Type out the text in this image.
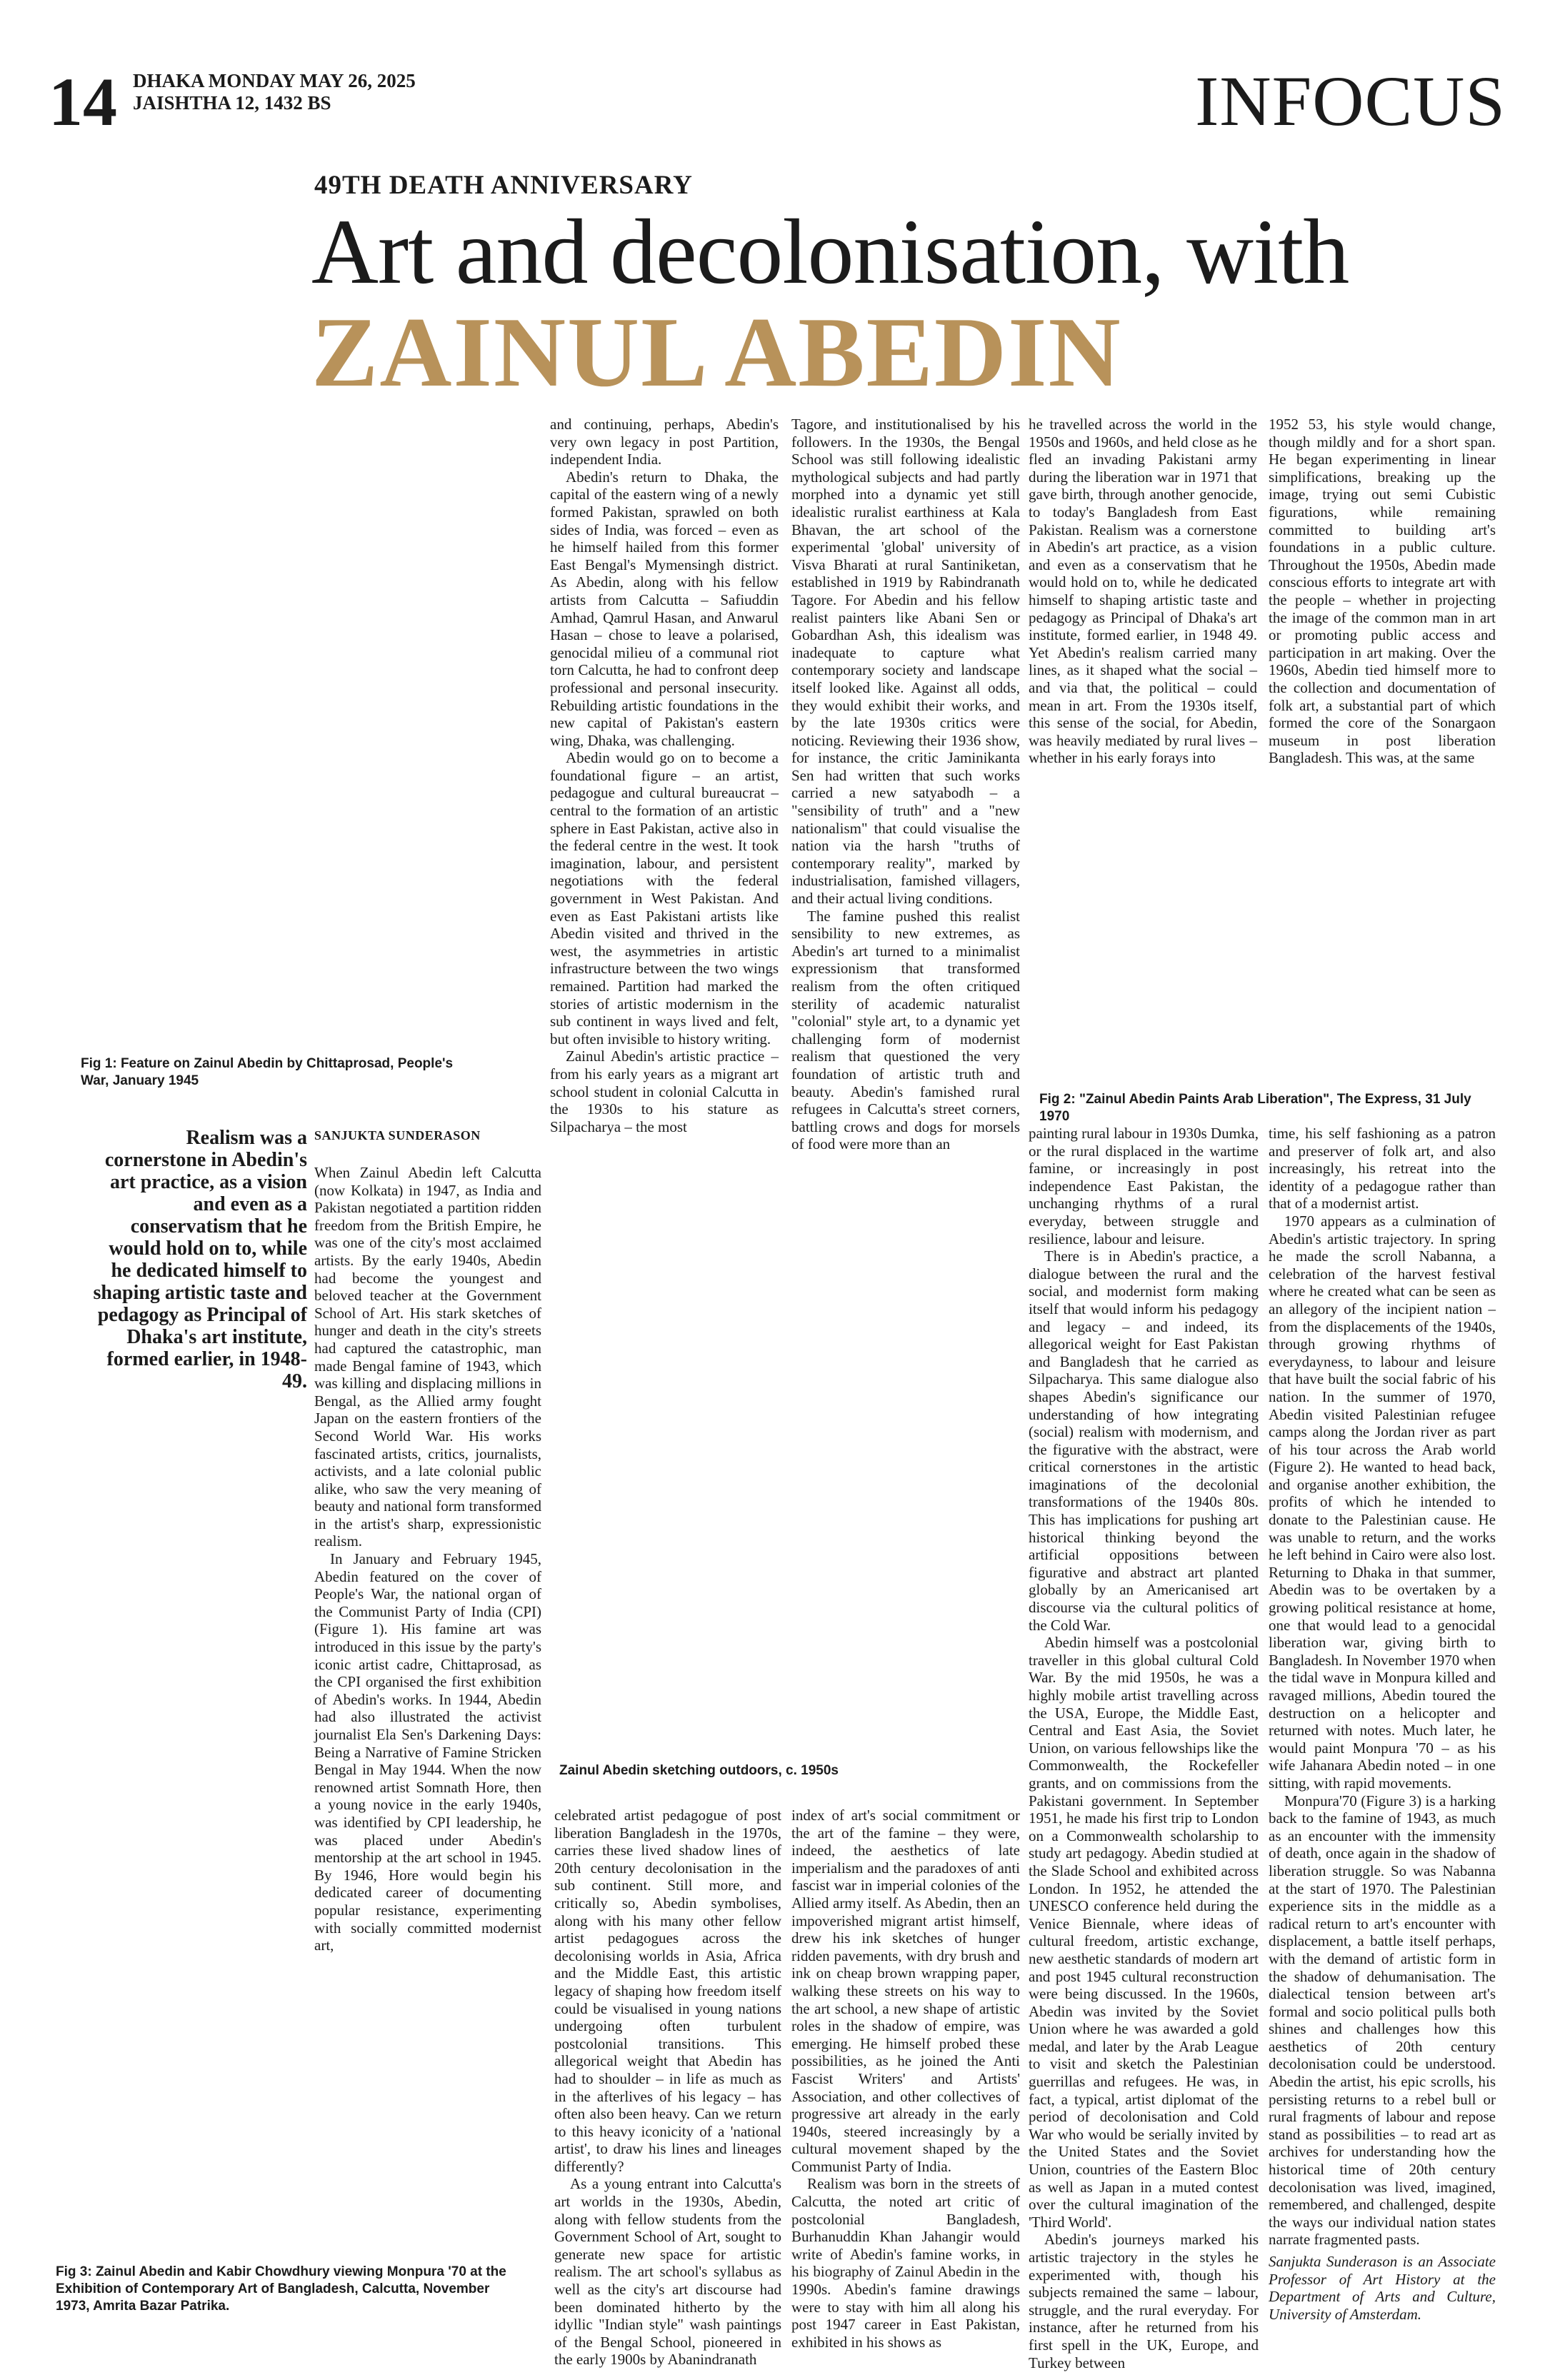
14 DHAKA MONDAY MAY 26, 2025
JAISHTHA 12, 1432 BS	INFOCUS
49TH DEATH ANNIVERSARY
Art and decolonisation, with
ZAINUL ABEDIN

and continuing, perhaps, Abedin's very own legacy in post Partition, independent India.

Abedin's return to Dhaka, the capital of the eastern wing of a newly formed Pakistan, sprawled on both sides of India, was forced – even as he himself hailed from this former East Bengal's Mymensingh district. As Abedin, along with his fellow artists from Calcutta – Safiuddin Amhad, Qamrul Hasan, and Anwarul Hasan – chose to leave a polarised, genocidal milieu of a communal riot torn Calcutta, he had to confront deep professional and personal insecurity. Rebuilding artistic foundations in the new capital of Pakistan's eastern wing, Dhaka, was challenging.

Abedin would go on to become a foundational figure – an artist, pedagogue and cultural bureaucrat – central to the formation of an artistic sphere in East Pakistan, active also in the federal centre in the west. It took imagination, labour, and persistent negotiations with the federal government in West Pakistan. And even as East Pakistani artists like Abedin visited and thrived in the west, the asymmetries in artistic infrastructure between the two wings remained. Partition had marked the stories of artistic modernism in the sub continent in ways lived and felt, but often invisible to history writing.

Zainul Abedin's artistic practice – from his early years as a migrant art school student in colonial Calcutta in the 1930s to his stature as Silpacharya – the most

Tagore, and institutionalised by his followers. In the 1930s, the Bengal School was still following idealistic mythological subjects and had partly morphed into a dynamic yet still idealistic ruralist earthiness at Kala Bhavan, the art school of the experimental 'global' university of Visva Bharati at rural Santiniketan, established in 1919 by Rabindranath Tagore. For Abedin and his fellow realist painters like Abani Sen or Gobardhan Ash, this idealism was inadequate to capture what contemporary society and landscape itself looked like. Against all odds, they would exhibit their works, and by the late 1930s critics were noticing. Reviewing their 1936 show, for instance, the critic Jaminikanta Sen had written that such works carried a new satyabodh – a "sensibility of truth" and a "new nationalism" that could visualise the nation via the harsh "truths of contemporary reality", marked by industrialisation, famished villagers, and their actual living conditions.

The famine pushed this realist sensibility to new extremes, as Abedin's art turned to a minimalist expressionism that transformed realism from the often critiqued sterility of academic naturalist "colonial" style art, to a dynamic yet challenging form of modernist realism that questioned the very foundation of artistic truth and beauty. Abedin's famished rural refugees in Calcutta's street corners, battling crows and dogs for morsels of food were more than an

he travelled across the world in the 1950s and 1960s, and held close as he fled an invading Pakistani army during the liberation war in 1971 that gave birth, through another genocide, to today's Bangladesh from East Pakistan. Realism was a cornerstone in Abedin's art practice, as a vision and even as a conservatism that he would hold on to, while he dedicated himself to shaping artistic taste and pedagogy as Principal of Dhaka's art institute, formed earlier, in 1948 49. Yet Abedin's realism carried many lines, as it shaped what the social – and via that, the political – could mean in art. From the 1930s itself, this sense of the social, for Abedin, was heavily mediated by rural lives – whether in his early forays into

1952 53, his style would change, though mildly and for a short span. He began experimenting in linear simplifications, breaking up the image, trying out semi Cubistic figurations, while remaining committed to building art's foundations in a public culture. Throughout the 1950s, Abedin made conscious efforts to integrate art with the people – whether in projecting the image of the common man in art or promoting public access and participation in art making. Over the 1960s, Abedin tied himself more to the collection and documentation of folk art, a substantial part of which formed the core of the Sonargaon museum in post liberation Bangladesh. This was, at the same

Fig 1: Feature on Zainul Abedin by Chittaprosad, People's War, January 1945
Fig 2: "Zainul Abedin Paints Arab Liberation", The Express, 31 July 1970
Zainul Abedin sketching outdoors, c. 1950s
Fig 3: Zainul Abedin and Kabir Chowdhury viewing Monpura '70 at the Exhibition of Contemporary Art of Bangladesh, Calcutta, November 1973, Amrita Bazar Patrika.
Realism was a cornerstone in Abedin's art practice, as a vision and even as a conservatism that he would hold on to, while he dedicated himself to shaping artistic taste and pedagogy as Principal of Dhaka's art institute, formed earlier, in 1948-49.
SANJUKTA SUNDERASON

When Zainul Abedin left Calcutta (now Kolkata) in 1947, as India and Pakistan negotiated a partition ridden freedom from the British Empire, he was one of the city's most acclaimed artists. By the early 1940s, Abedin had become the youngest and beloved teacher at the Government School of Art. His stark sketches of hunger and death in the city's streets had captured the catastrophic, man made Bengal famine of 1943, which was killing and displacing millions in Bengal, as the Allied army fought Japan on the eastern frontiers of the Second World War. His works fascinated artists, critics, journalists, activists, and a late colonial public alike, who saw the very meaning of beauty and national form transformed in the artist's sharp, expressionistic realism.

In January and February 1945, Abedin featured on the cover of People's War, the national organ of the Communist Party of India (CPI) (Figure 1). His famine art was introduced in this issue by the party's iconic artist cadre, Chittaprosad, as the CPI organised the first exhibition of Abedin's works. In 1944, Abedin had also illustrated the activist journalist Ela Sen's Darkening Days: Being a Narrative of Famine Stricken Bengal in May 1944. When the now renowned artist Somnath Hore, then a young novice in the early 1940s, was identified by CPI leadership, he was placed under Abedin's mentorship at the art school in 1945. By 1946, Hore would begin his dedicated career of documenting popular resistance, experimenting with socially committed modernist art,

celebrated artist pedagogue of post liberation Bangladesh in the 1970s, carries these lived shadow lines of 20th century decolonisation in the sub continent. Still more, and critically so, Abedin symbolises, along with his many other fellow artist pedagogues across the decolonising worlds in Asia, Africa and the Middle East, this artistic legacy of shaping how freedom itself could be visualised in young nations undergoing often turbulent postcolonial transitions. This allegorical weight that Abedin has had to shoulder – in life as much as in the afterlives of his legacy – has often also been heavy. Can we return to this heavy iconicity of a 'national artist', to draw his lines and lineages differently?

As a young entrant into Calcutta's art worlds in the 1930s, Abedin, along with fellow students from the Government School of Art, sought to generate new space for artistic realism. The art school's syllabus as well as the city's art discourse had been dominated hitherto by the idyllic "Indian style" wash paintings of the Bengal School, pioneered in the early 1900s by Abanindranath

index of art's social commitment or the art of the famine – they were, indeed, the aesthetics of late imperialism and the paradoxes of anti fascist war in imperial colonies of the Allied army itself. As Abedin, then an impoverished migrant artist himself, drew his ink sketches of hunger ridden pavements, with dry brush and ink on cheap brown wrapping paper, walking these streets on his way to the art school, a new shape of artistic roles in the shadow of empire, was emerging. He himself probed these possibilities, as he joined the Anti Fascist Writers' and Artists' Association, and other collectives of progressive art already in the early 1940s, steered increasingly by a cultural movement shaped by the Communist Party of India.

Realism was born in the streets of Calcutta, the noted art critic of postcolonial Bangladesh, Burhanuddin Khan Jahangir would write of Abedin's famine works, in his biography of Zainul Abedin in the 1990s. Abedin's famine drawings were to stay with him all along his post 1947 career in East Pakistan, exhibited in his shows as

painting rural labour in 1930s Dumka, or the rural displaced in the wartime famine, or increasingly in post independence East Pakistan, the unchanging rhythms of a rural everyday, between struggle and resilience, labour and leisure.

There is in Abedin's practice, a dialogue between the rural and the social, and modernist form making itself that would inform his pedagogy and legacy – and indeed, its allegorical weight for East Pakistan and Bangladesh that he carried as Silpacharya. This same dialogue also shapes Abedin's significance our understanding of how integrating (social) realism with modernism, and the figurative with the abstract, were critical cornerstones in the artistic imaginations of the decolonial transformations of the 1940s 80s. This has implications for pushing art historical thinking beyond the artificial oppositions between figurative and abstract art planted globally by an Americanised art discourse via the cultural politics of the Cold War.

Abedin himself was a postcolonial traveller in this global cultural Cold War. By the mid 1950s, he was a highly mobile artist travelling across the USA, Europe, the Middle East, Central and East Asia, the Soviet Union, on various fellowships like the Commonwealth, the Rockefeller grants, and on commissions from the Pakistani government. In September 1951, he made his first trip to London on a Commonwealth scholarship to study art pedagogy. Abedin studied at the Slade School and exhibited across London. In 1952, he attended the UNESCO conference held during the Venice Biennale, where ideas of cultural freedom, artistic exchange, new aesthetic standards of modern art and post 1945 cultural reconstruction were being discussed. In the 1960s, Abedin was invited by the Soviet Union where he was awarded a gold medal, and later by the Arab League to visit and sketch the Palestinian guerrillas and refugees. He was, in fact, a typical, artist diplomat of the period of decolonisation and Cold War who would be serially invited by the United States and the Soviet Union, countries of the Eastern Bloc as well as Japan in a muted contest over the cultural imagination of the 'Third World'.

Abedin's journeys marked his artistic trajectory in the styles he experimented with, though his subjects remained the same – labour, struggle, and the rural everyday. For instance, after he returned from his first spell in the UK, Europe, and Turkey between

time, his self fashioning as a patron and preserver of folk art, and also increasingly, his retreat into the identity of a pedagogue rather than that of a modernist artist.

1970 appears as a culmination of Abedin's artistic trajectory. In spring he made the scroll Nabanna, a celebration of the harvest festival where he created what can be seen as an allegory of the incipient nation – from the displacements of the 1940s, through growing rhythms of everydayness, to labour and leisure that have built the social fabric of his nation. In the summer of 1970, Abedin visited Palestinian refugee camps along the Jordan river as part of his tour across the Arab world (Figure 2). He wanted to head back, and organise another exhibition, the profits of which he intended to donate to the Palestinian cause. He was unable to return, and the works he left behind in Cairo were also lost. Returning to Dhaka in that summer, Abedin was to be overtaken by a growing political resistance at home, one that would lead to a genocidal liberation war, giving birth to Bangladesh. In November 1970 when the tidal wave in Monpura killed and ravaged millions, Abedin toured the destruction on a helicopter and returned with notes. Much later, he would paint Monpura '70 – as his wife Jahanara Abedin noted – in one sitting, with rapid movements.

Monpura'70 (Figure 3) is a harking back to the famine of 1943, as much as an encounter with the immensity of death, once again in the shadow of liberation struggle. So was Nabanna at the start of 1970. The Palestinian experience sits in the middle as a radical return to art's encounter with displacement, a battle itself perhaps, with the demand of artistic form in the shadow of dehumanisation. The dialectical tension between art's formal and socio political pulls both shines and challenges how this aesthetics of 20th century decolonisation could be understood. Abedin the artist, his epic scrolls, his persisting returns to a rebel bull or rural fragments of labour and repose stand as possibilities – to read art as archives for understanding how the historical time of 20th century decolonisation was lived, imagined, remembered, and challenged, despite the ways our individual nation states narrate fragmented pasts.

Sanjukta Sunderason is an Associate Professor of Art History at the Department of Arts and Culture, University of Amsterdam.
